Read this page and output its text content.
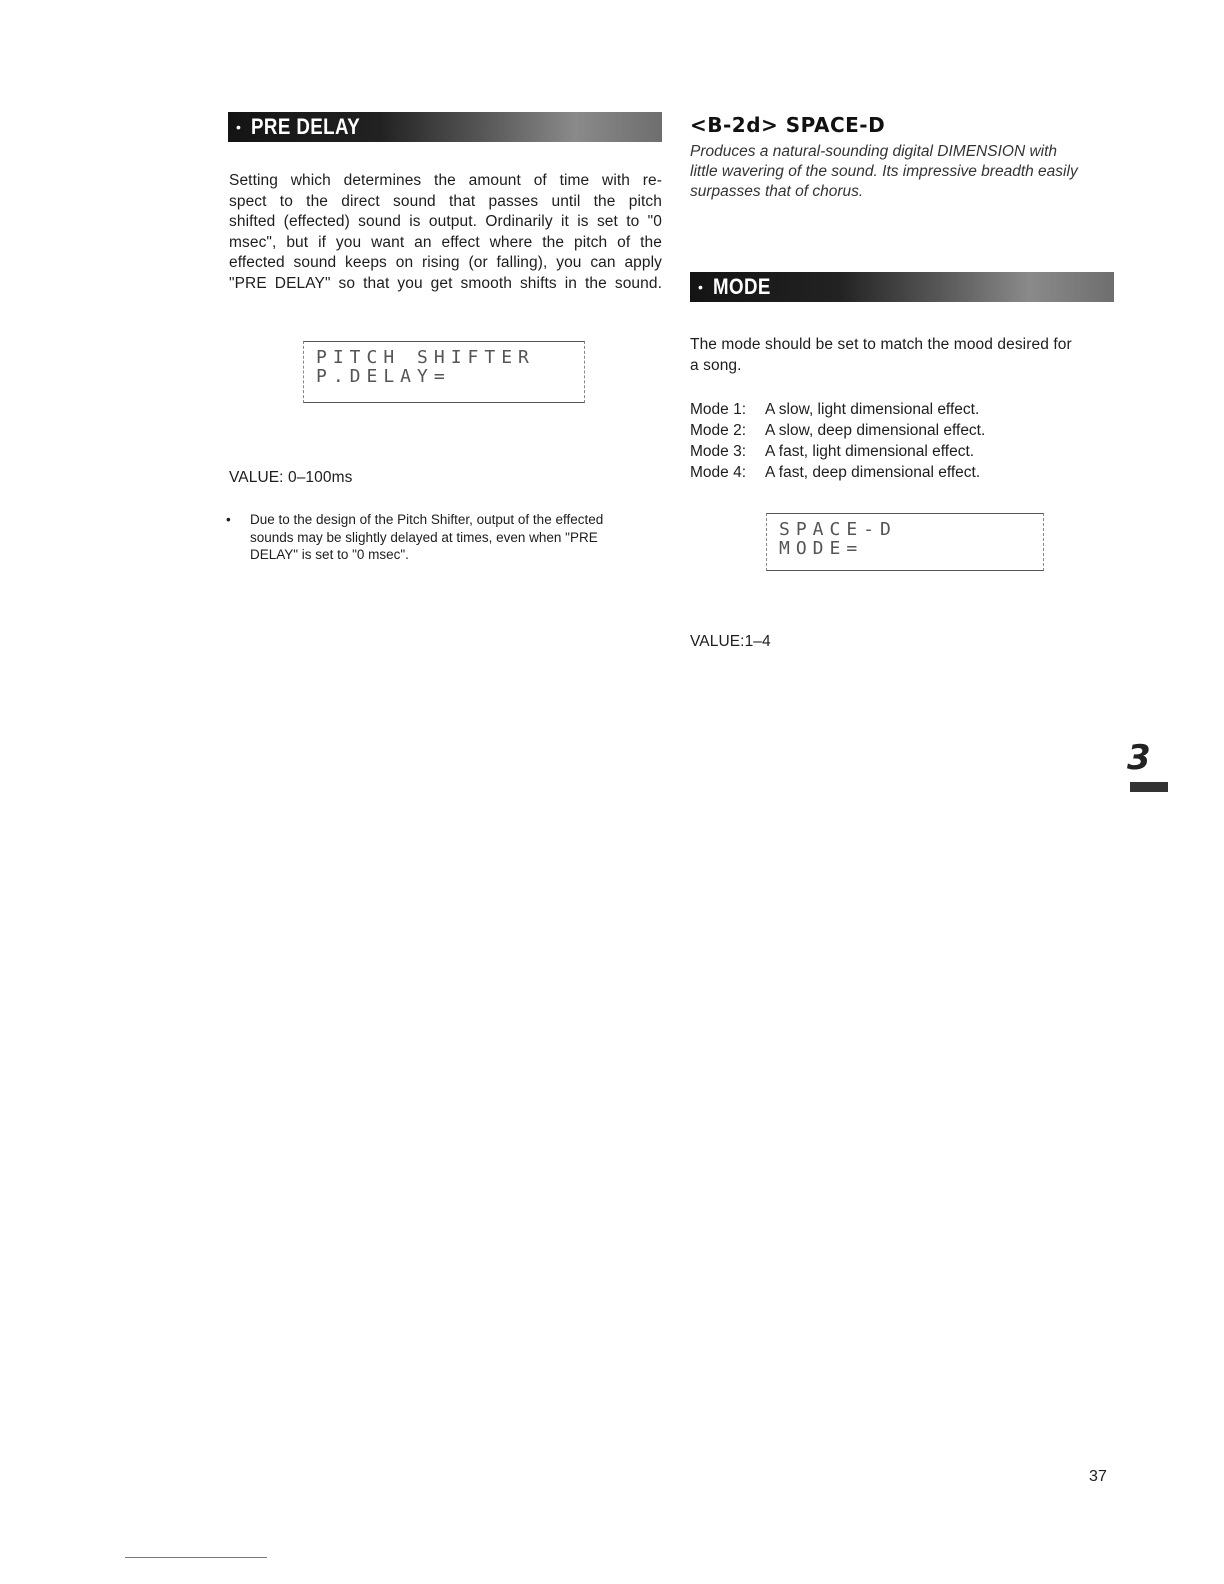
• PRE DELAY
Setting which determines the amount of time with re-
spect to the direct sound that passes until the pitch
shifted (effected) sound is output. Ordinarily it is set to "0
msec", but if you want an effect where the pitch of the
effected sound keeps on rising (or falling), you can apply
"PRE DELAY" so that you get smooth shifts in the sound.
PITCH SHIFTER
P.DELAY=
VALUE: 0–100ms
• Due to the design of the Pitch Shifter, output of the effected
sounds may be slightly delayed at times, even when "PRE
DELAY" is set to "0 msec".
<B-2d> SPACE-D
Produces a natural-sounding digital DIMENSION with
little wavering of the sound. Its impressive breadth easily
surpasses that of chorus.
• MODE
The mode should be set to match the mood desired for
a song.
Mode 1:	A slow, light dimensional effect.
Mode 2:	A slow, deep dimensional effect.
Mode 3:	A fast, light dimensional effect.
Mode 4:	A fast, deep dimensional effect.
SPACE-D
MODE=
VALUE:1–4
3
37
